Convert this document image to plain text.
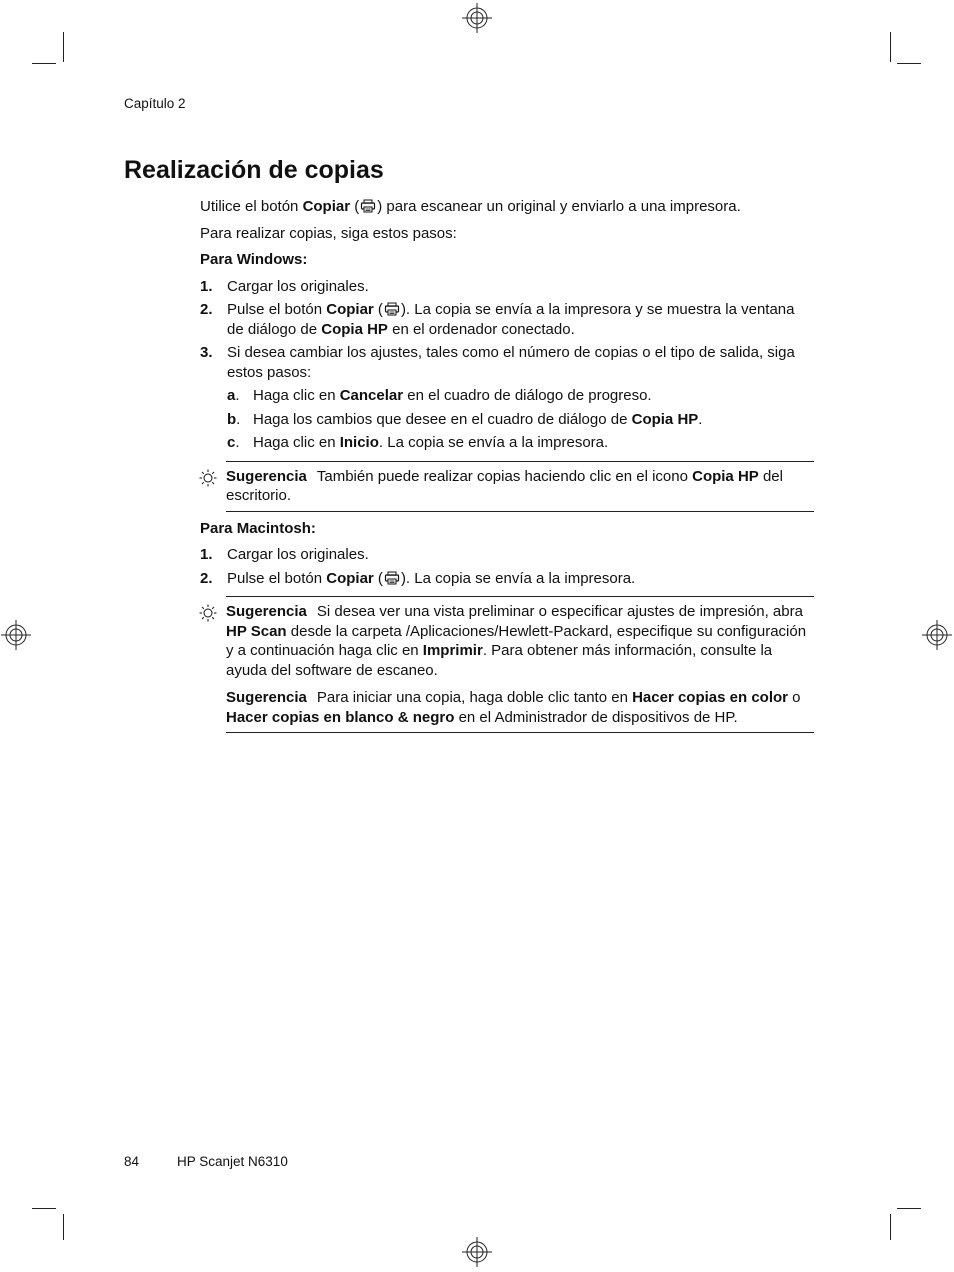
Capítulo 2
Realización de copias

Utilice el botón Copiar ( ) para escanear un original y enviarlo a una impresora.

Para realizar copias, siga estos pasos:

Para Windows:

1. Cargar los originales.
2. Pulse el botón Copiar ( ). La copia se envía a la impresora y se muestra la ventana de diálogo de Copia HP en el ordenador conectado.
3. Si desea cambiar los ajustes, tales como el número de copias o el tipo de salida, siga estos pasos:
a. Haga clic en Cancelar en el cuadro de diálogo de progreso.
b. Haga los cambios que desee en el cuadro de diálogo de Copia HP.
c. Haga clic en Inicio. La copia se envía a la impresora.

Sugerencia También puede realizar copias haciendo clic en el icono Copia HP del escritorio.

Para Macintosh:

1. Cargar los originales.
2. Pulse el botón Copiar ( ). La copia se envía a la impresora.

Sugerencia Si desea ver una vista preliminar o especificar ajustes de impresión, abra HP Scan desde la carpeta /Aplicaciones/Hewlett-Packard, especifique su configuración y a continuación haga clic en Imprimir. Para obtener más información, consulte la ayuda del software de escaneo.

Sugerencia Para iniciar una copia, haga doble clic tanto en Hacer copias en color o Hacer copias en blanco & negro en el Administrador de dispositivos de HP.

84	HP Scanjet N6310
